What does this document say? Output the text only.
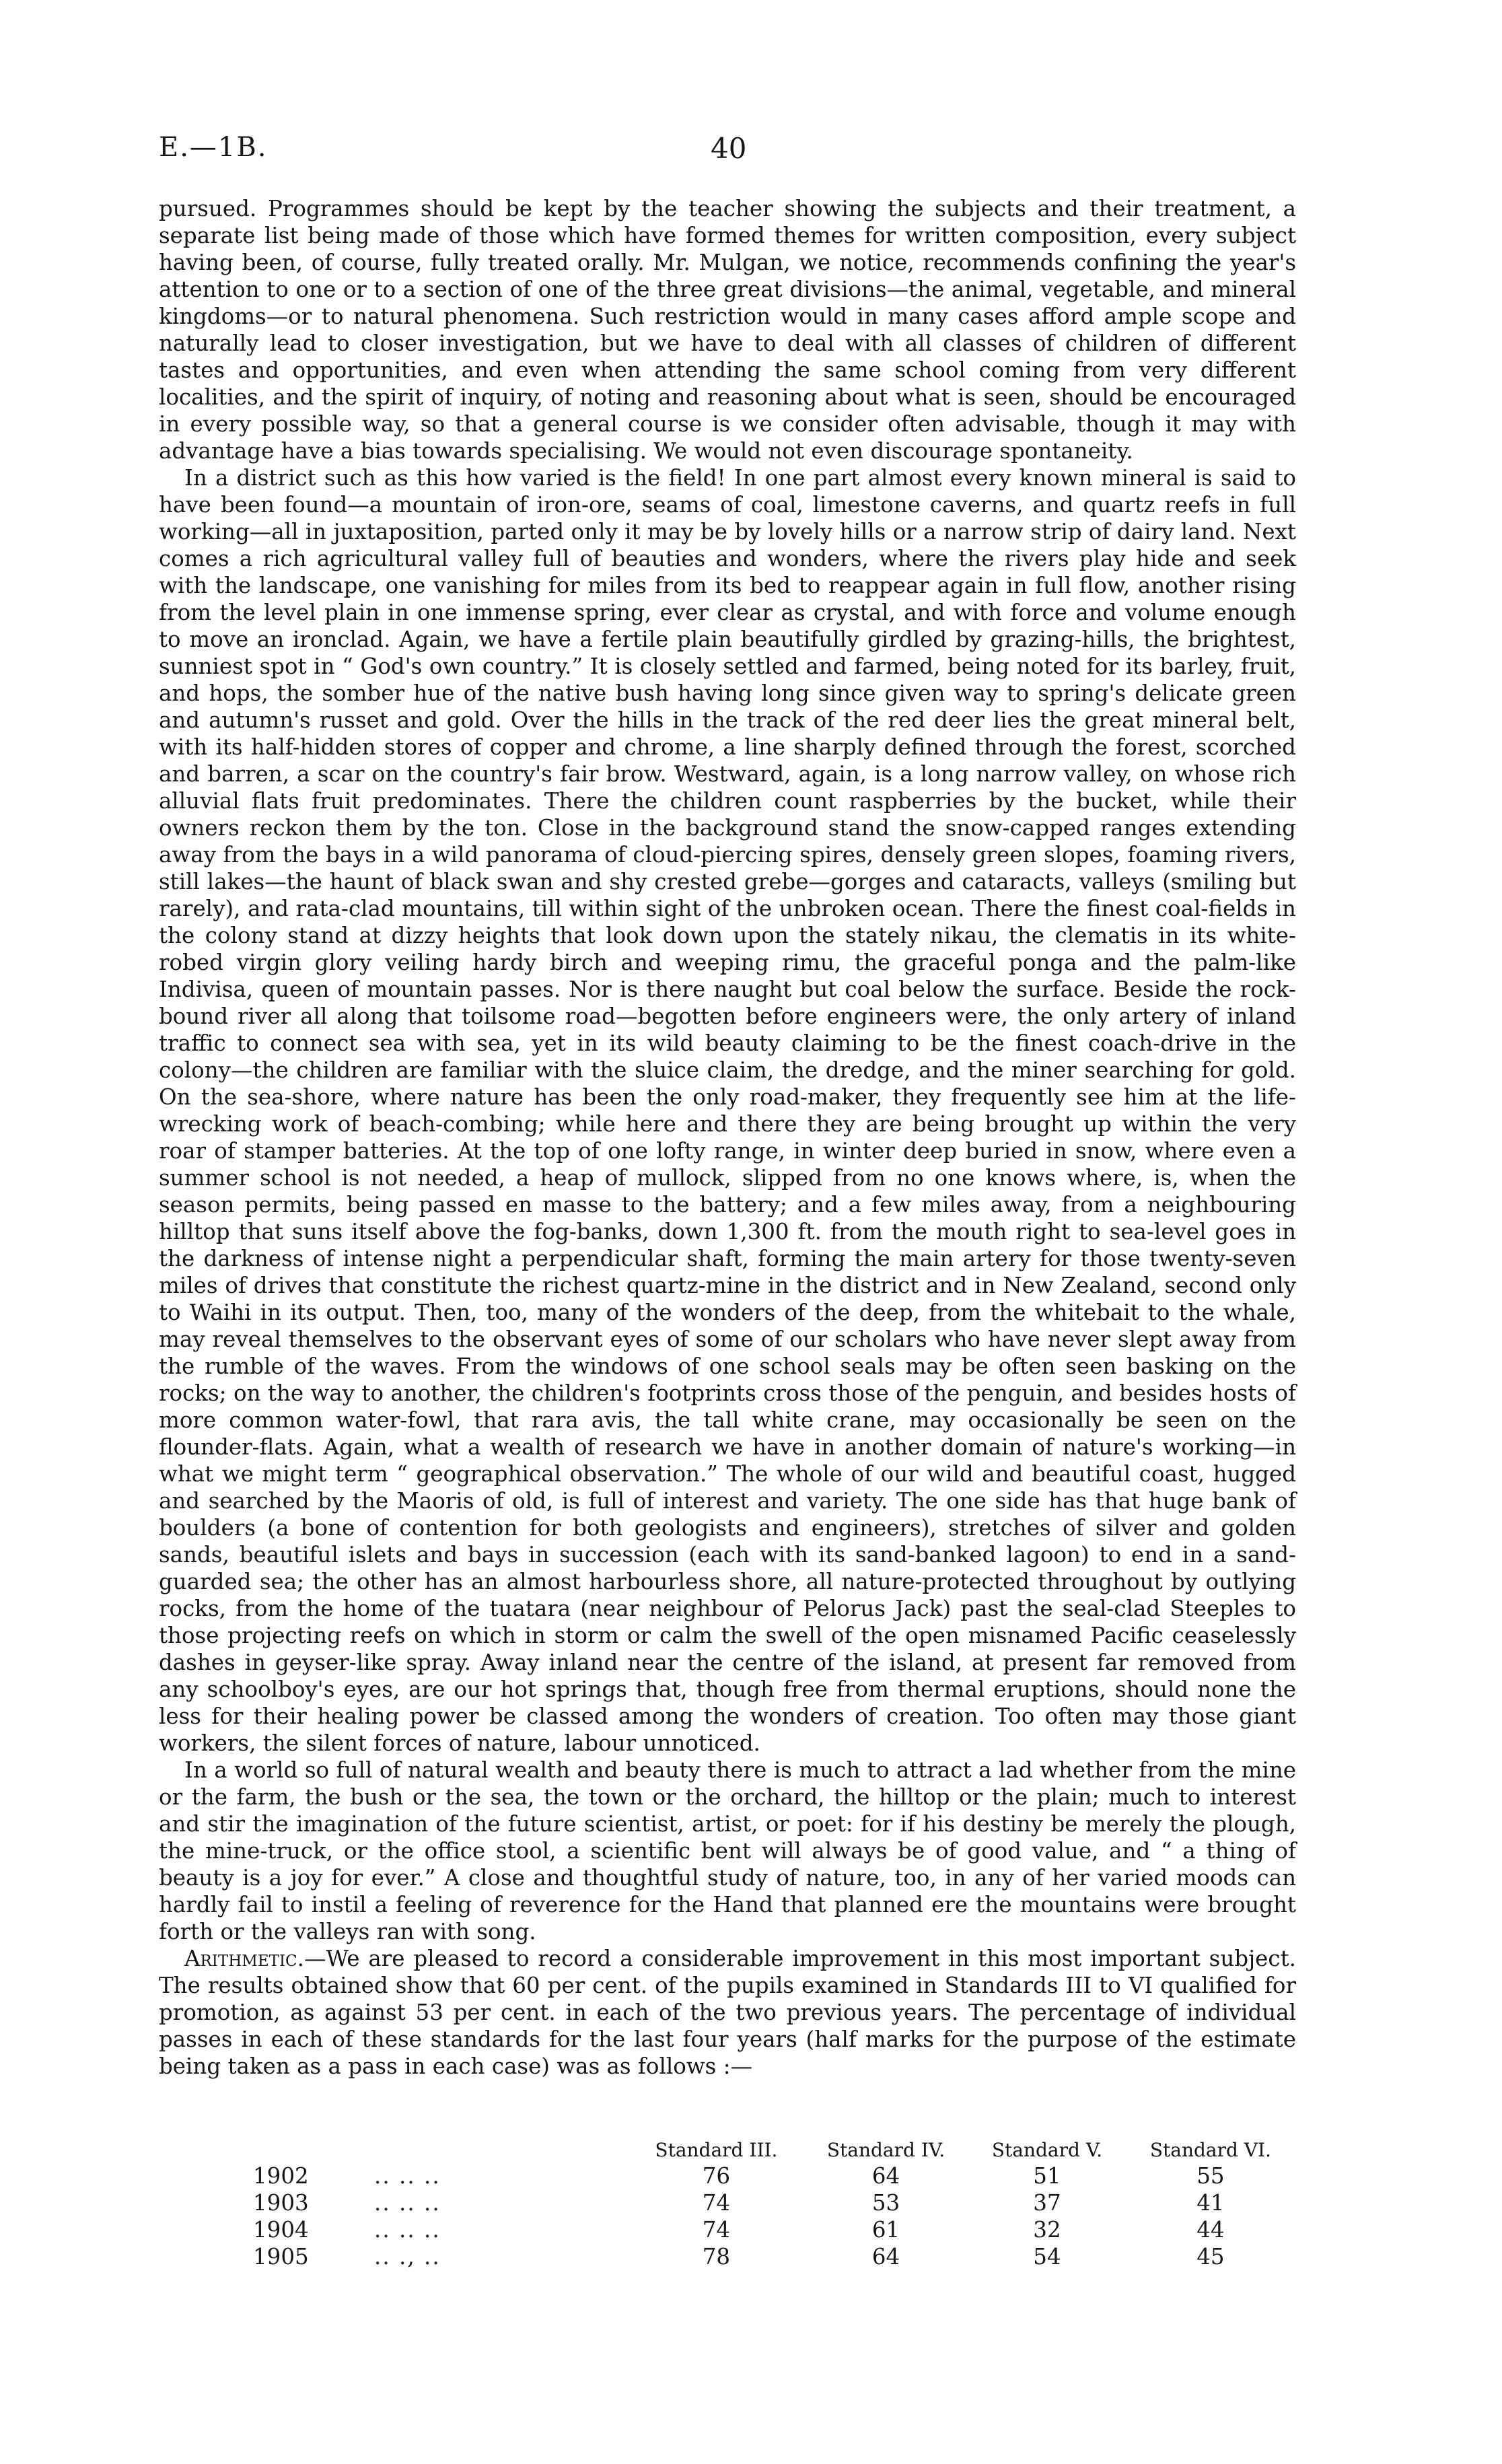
E.—1B.	40

pursued. Programmes should be kept by the teacher showing the subjects and their treatment, a separate list being made of those which have formed themes for written composition, every subject having been, of course, fully treated orally. Mr. Mulgan, we notice, recommends confining the year's attention to one or to a section of one of the three great divisions—the animal, vegetable, and mineral kingdoms—or to natural phenomena. Such restriction would in many cases afford ample scope and naturally lead to closer investigation, but we have to deal with all classes of children of different tastes and opportunities, and even when attending the same school coming from very different localities, and the spirit of inquiry, of noting and reasoning about what is seen, should be encouraged in every possible way, so that a general course is we consider often advisable, though it may with advantage have a bias towards specialising. We would not even discourage spontaneity.

In a district such as this how varied is the field! In one part almost every known mineral is said to have been found—a mountain of iron-ore, seams of coal, limestone caverns, and quartz reefs in full working—all in juxtaposition, parted only it may be by lovely hills or a narrow strip of dairy land. Next comes a rich agricultural valley full of beauties and wonders, where the rivers play hide and seek with the landscape, one vanishing for miles from its bed to reappear again in full flow, another rising from the level plain in one immense spring, ever clear as crystal, and with force and volume enough to move an ironclad. Again, we have a fertile plain beautifully girdled by grazing-hills, the brightest, sunniest spot in “ God's own country.” It is closely settled and farmed, being noted for its barley, fruit, and hops, the somber hue of the native bush having long since given way to spring's delicate green and autumn's russet and gold. Over the hills in the track of the red deer lies the great mineral belt, with its half-hidden stores of copper and chrome, a line sharply defined through the forest, scorched and barren, a scar on the country's fair brow. Westward, again, is a long narrow valley, on whose rich alluvial flats fruit predominates. There the children count raspberries by the bucket, while their owners reckon them by the ton. Close in the background stand the snow-capped ranges extending away from the bays in a wild panorama of cloud-piercing spires, densely green slopes, foaming rivers, still lakes—the haunt of black swan and shy crested grebe—gorges and cataracts, valleys (smiling but rarely), and rata-clad mountains, till within sight of the unbroken ocean. There the finest coal-fields in the colony stand at dizzy heights that look down upon the stately nikau, the clematis in its white-robed virgin glory veiling hardy birch and weeping rimu, the graceful ponga and the palm-like Indivisa, queen of mountain passes. Nor is there naught but coal below the surface. Beside the rock-bound river all along that toilsome road—begotten before engineers were, the only artery of inland traffic to connect sea with sea, yet in its wild beauty claiming to be the finest coach-drive in the colony—the children are familiar with the sluice claim, the dredge, and the miner searching for gold. On the sea-shore, where nature has been the only road-maker, they frequently see him at the life-wrecking work of beach-combing; while here and there they are being brought up within the very roar of stamper batteries. At the top of one lofty range, in winter deep buried in snow, where even a summer school is not needed, a heap of mullock, slipped from no one knows where, is, when the season permits, being passed en masse to the battery; and a few miles away, from a neighbouring hilltop that suns itself above the fog-banks, down 1,300 ft. from the mouth right to sea-level goes in the darkness of intense night a perpendicular shaft, forming the main artery for those twenty-seven miles of drives that constitute the richest quartz-mine in the district and in New Zealand, second only to Waihi in its output. Then, too, many of the wonders of the deep, from the whitebait to the whale, may reveal themselves to the observant eyes of some of our scholars who have never slept away from the rumble of the waves. From the windows of one school seals may be often seen basking on the rocks; on the way to another, the children's footprints cross those of the penguin, and besides hosts of more common water-fowl, that rara avis, the tall white crane, may occasionally be seen on the flounder-flats. Again, what a wealth of research we have in another domain of nature's working—in what we might term “ geographical observation.” The whole of our wild and beautiful coast, hugged and searched by the Maoris of old, is full of interest and variety. The one side has that huge bank of boulders (a bone of contention for both geologists and engineers), stretches of silver and golden sands, beautiful islets and bays in succession (each with its sand-banked lagoon) to end in a sand-guarded sea; the other has an almost harbourless shore, all nature-protected throughout by outlying rocks, from the home of the tuatara (near neighbour of Pelorus Jack) past the seal-clad Steeples to those projecting reefs on which in storm or calm the swell of the open misnamed Pacific ceaselessly dashes in geyser-like spray. Away inland near the centre of the island, at present far removed from any schoolboy's eyes, are our hot springs that, though free from thermal eruptions, should none the less for their healing power be classed among the wonders of creation. Too often may those giant workers, the silent forces of nature, labour unnoticed.

In a world so full of natural wealth and beauty there is much to attract a lad whether from the mine or the farm, the bush or the sea, the town or the orchard, the hilltop or the plain; much to interest and stir the imagination of the future scientist, artist, or poet: for if his destiny be merely the plough, the mine-truck, or the office stool, a scientific bent will always be of good value, and “ a thing of beauty is a joy for ever.” A close and thoughtful study of nature, too, in any of her varied moods can hardly fail to instil a feeling of reverence for the Hand that planned ere the mountains were brought forth or the valleys ran with song.

Arithmetic.—We are pleased to record a considerable improvement in this most important subject. The results obtained show that 60 per cent. of the pupils examined in Standards III to VI qualified for promotion, as against 53 per cent. in each of the two previous years. The percentage of individual passes in each of these standards for the last four years (half marks for the purpose of the estimate being taken as a pass in each case) was as follows :—

		Standard III.	Standard IV.	Standard V.	Standard VI.
1902	.. .. ..	76	64	51	55
1903	.. .. ..	74	53	37	41
1904	.. .. ..	74	61	32	44
1905	.. ., ..	78	64	54	45
